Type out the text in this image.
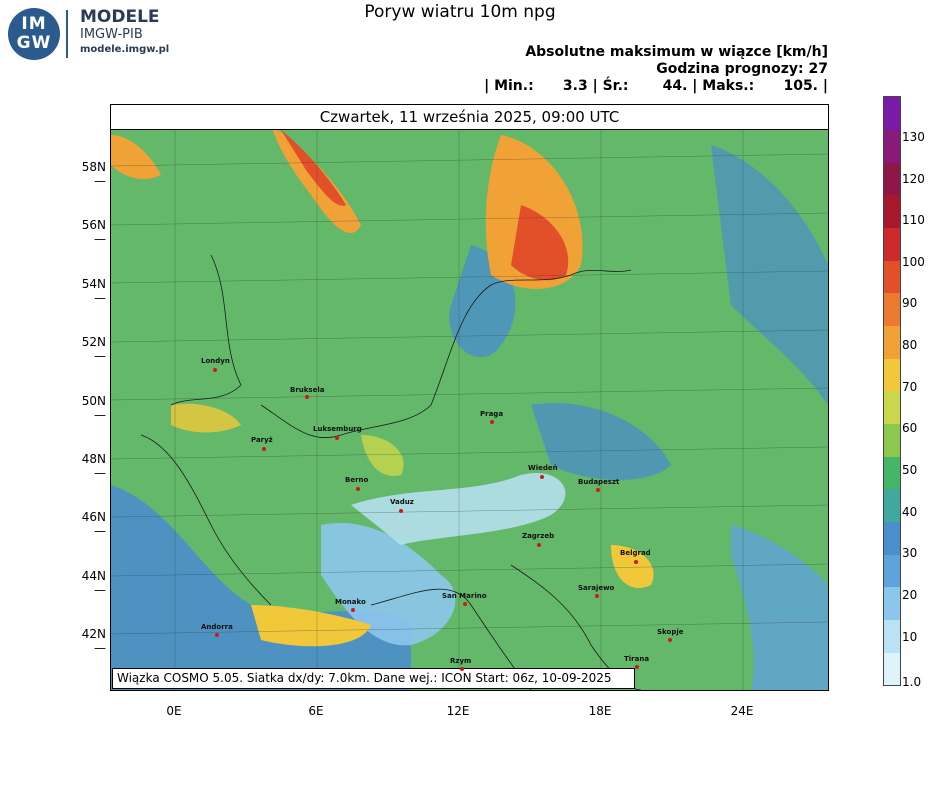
IM
GW
MODELE
IMGW-PIB
modele.imgw.pl
Poryw wiatru 10m npg
Absolutne maksimum w wiązce [km/h]
Godzina prognozy: 27
| Min.:      3.3 | Śr.:       44. | Maks.:      105. |
Czwartek, 11 września 2025, 09:00 UTC
Wiązka COSMO 5.05. Siatka dx/dy: 7.0km. Dane wej.: ICON Start: 06z, 10-09-2025
Londyn
Bruksela
Paryż
Luksemburg
Berno
Vaduz
Praga
Wiedeń
Budapeszt
Zagrzeb
Belgrad
Sarajewo
Monako
San Marino
Andorra
Rzym
Skopje
Tirana
58N —
56N —
54N —
52N —
50N —
48N —
46N —
44N —
42N —
0E	6E	12E	18E	24E
130
120
110
100
90
80
70
60
50
40
30
20
10
1.0
